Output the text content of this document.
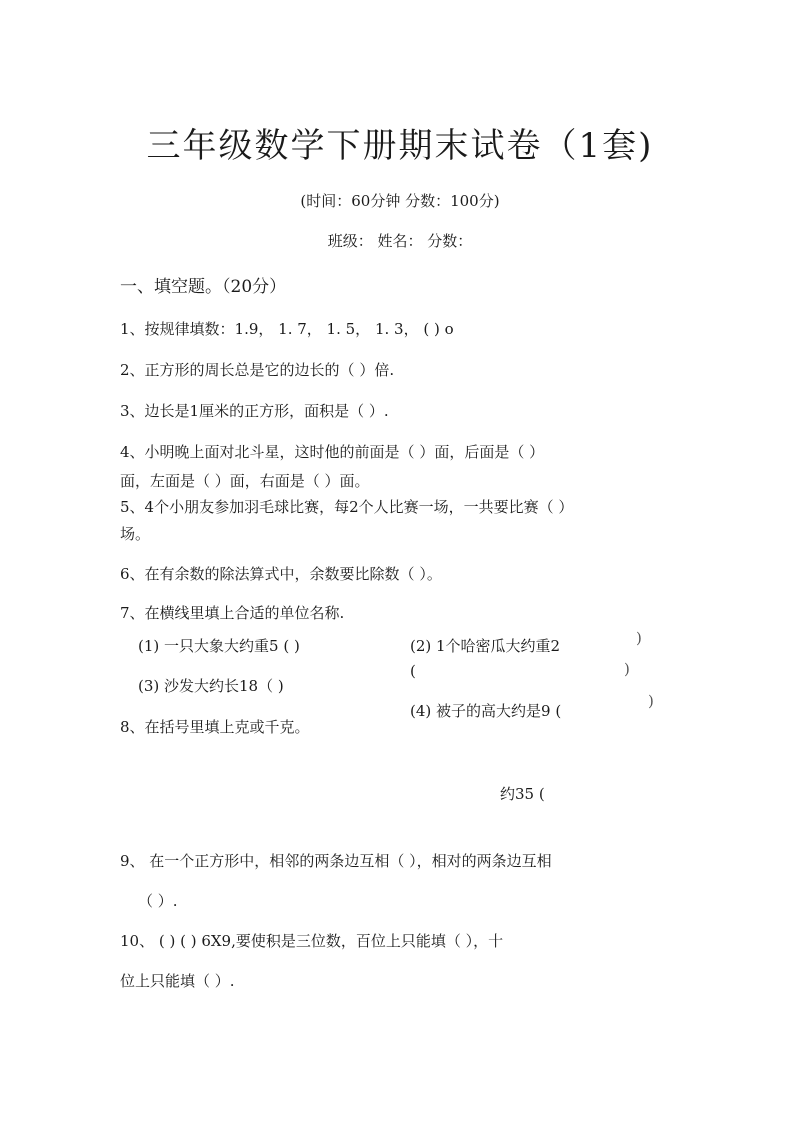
三年级数学下册期末试卷（1套)
(时间：60分钟 分数：100分)
班级： 姓名： 分数：
一、填空题。（20分）
1、按规律填数：1.9， 1. 7， 1. 5， 1. 3， ( ) o
2、正方形的周长总是它的边长的（ ）倍.
3、边长是1厘米的正方形，面积是（ ）.
4、小明晚上面对北斗星，这时他的前面是（ ）面，后面是（ ）
面，左面是（ ）面，右面是（ ）面。
5、4个小朋友参加羽毛球比赛，每2个人比赛一场，一共要比赛（ ）
场。
6、在有余数的除法算式中，余数要比除数（ ）。
7、在横线里填上合适的单位名称.
(1) 一只大象大约重5 ( )	(2) 1个哈密瓜大约重2	)
(	)
(3) 沙发大约长18（ )
)
(4) 被子的高大约是9 (
8、在括号里填上克或千克。
约35 (
9、 在一个正方形中，相邻的两条边互相（ ），相对的两条边互相
（ ）.
10、 ( ) ( ) 6X9,要使积是三位数，百位上只能填（ ），十
位上只能填（ ）.
